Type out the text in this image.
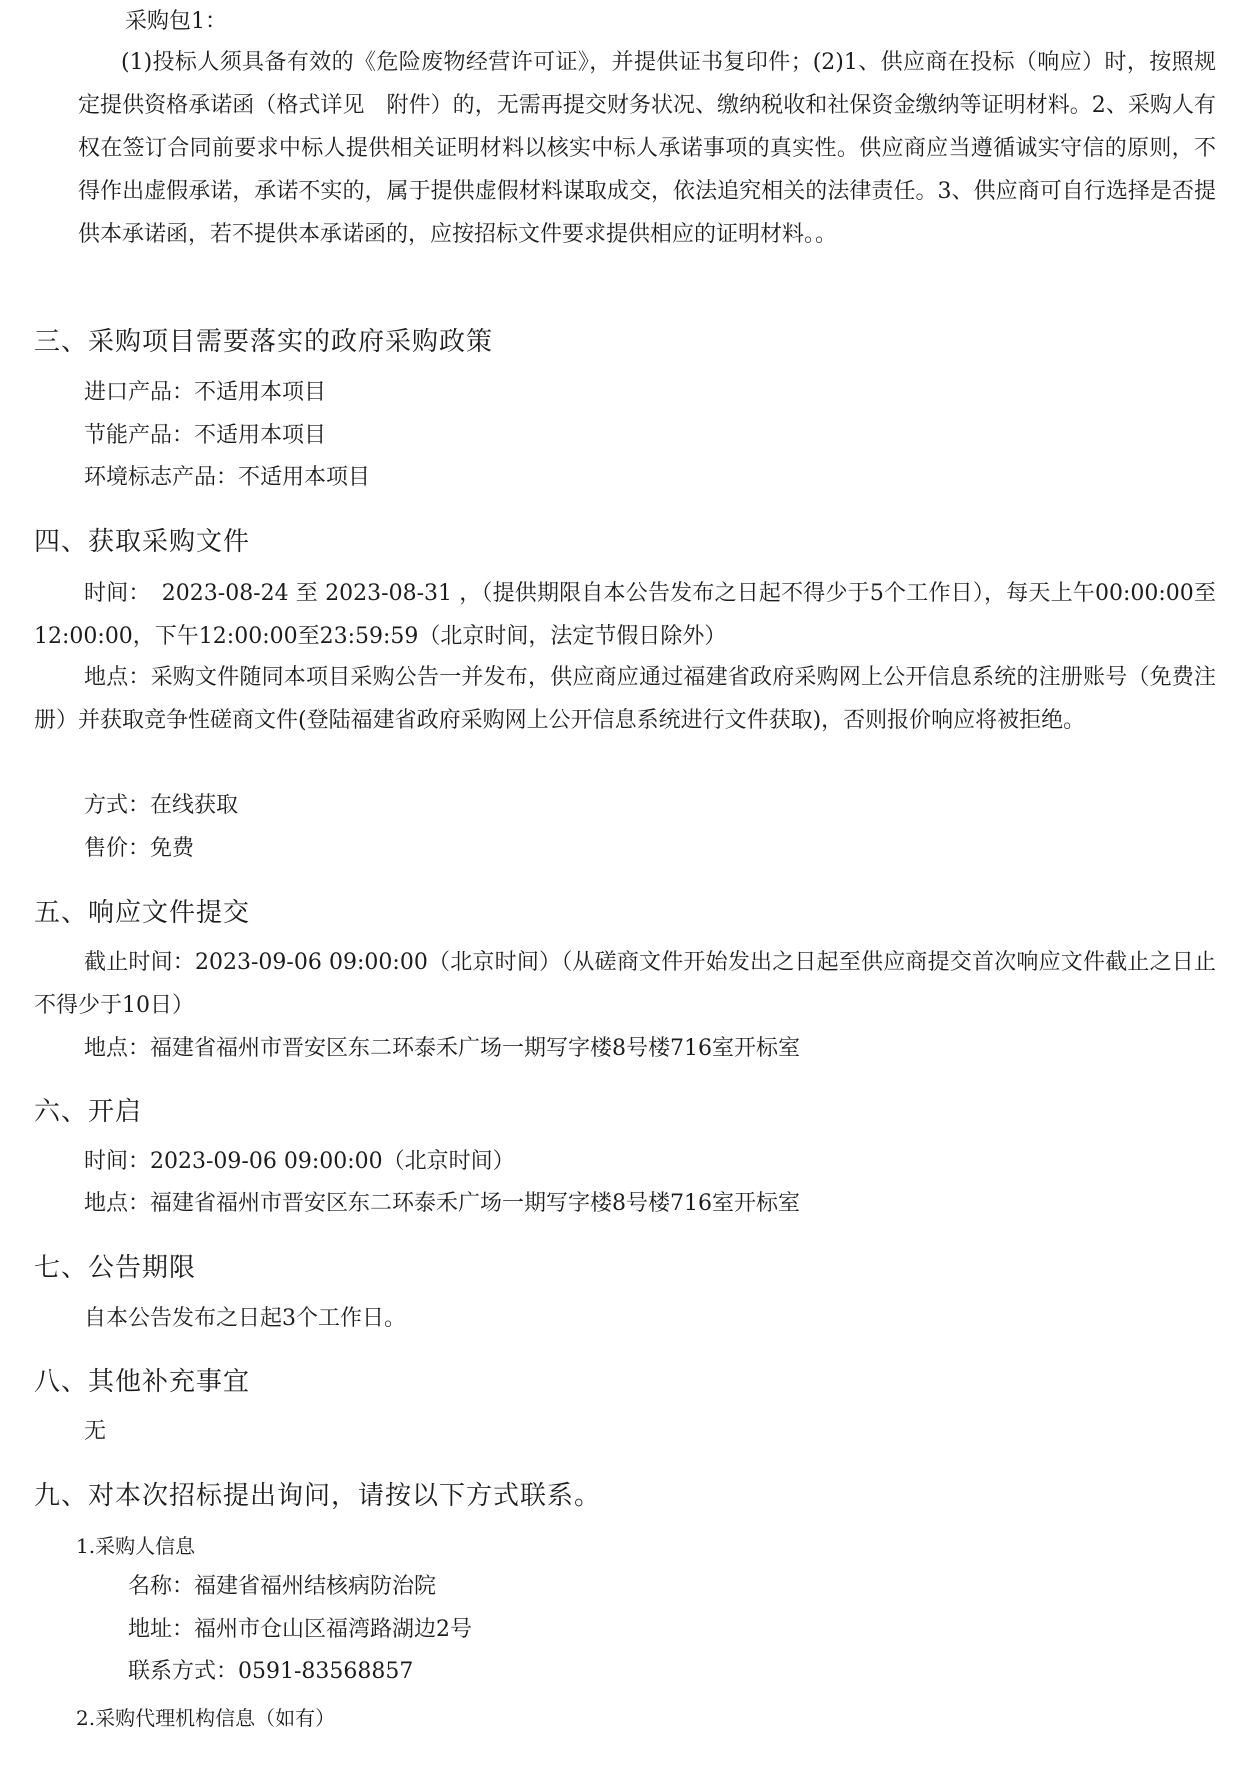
采购包1：

(1)投标人须具备有效的《危险废物经营许可证》，并提供证书复印件；(2)1、供应商在投标（响应）时，按照规定提供资格承诺函（格式详见　附件）的，无需再提交财务状况、缴纳税收和社保资金缴纳等证明材料。2、采购人有权在签订合同前要求中标人提供相关证明材料以核实中标人承诺事项的真实性。供应商应当遵循诚实守信的原则，不得作出虚假承诺，承诺不实的，属于提供虚假材料谋取成交，依法追究相关的法律责任。3、供应商可自行选择是否提供本承诺函，若不提供本承诺函的，应按招标文件要求提供相应的证明材料。。

三、采购项目需要落实的政府采购政策

进口产品：不适用本项目

节能产品：不适用本项目

环境标志产品：不适用本项目

四、获取采购文件

时间：　2023-08-24 至 2023-08-31 ，（提供期限自本公告发布之日起不得少于5个工作日），每天上午00:00:00至12:00:00，下午12:00:00至23:59:59（北京时间，法定节假日除外）

地点：采购文件随同本项目采购公告一并发布，供应商应通过福建省政府采购网上公开信息系统的注册账号（免费注册）并获取竞争性磋商文件(登陆福建省政府采购网上公开信息系统进行文件获取)，否则报价响应将被拒绝。

方式：在线获取

售价：免费

五、响应文件提交

截止时间：2023-09-06 09:00:00（北京时间）（从磋商文件开始发出之日起至供应商提交首次响应文件截止之日止不得少于10日）

地点：福建省福州市晋安区东二环泰禾广场一期写字楼8号楼716室开标室

六、开启

时间：2023-09-06 09:00:00（北京时间）

地点：福建省福州市晋安区东二环泰禾广场一期写字楼8号楼716室开标室

七、公告期限

自本公告发布之日起3个工作日。

八、其他补充事宜

无

九、对本次招标提出询问，请按以下方式联系。

1.采购人信息

名称：福建省福州结核病防治院

地址：福州市仓山区福湾路湖边2号

联系方式：0591-83568857

2.采购代理机构信息（如有）
